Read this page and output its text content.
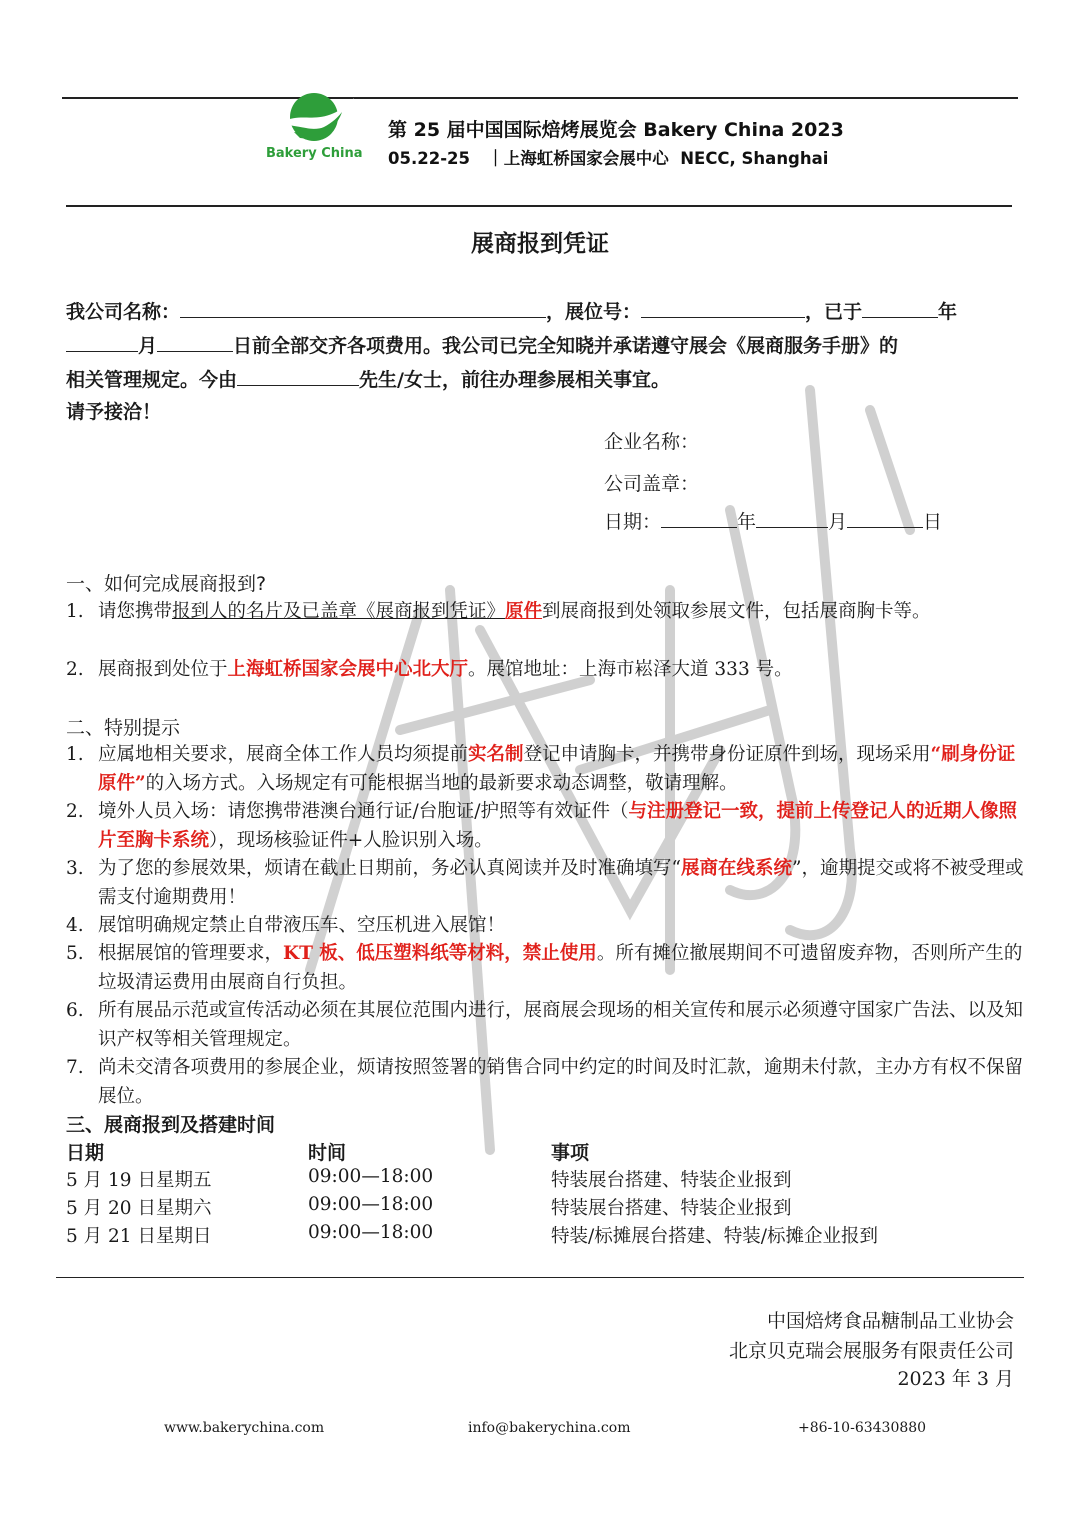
Bakery China
第 25 届中国国际焙烤展览会 Bakery China 2023
05.22-25   ｜上海虹桥国家会展中心  NECC, Shanghai
展商报到凭证
我公司名称：	，展位号：	，已于	年
月	日前全部交齐各项费用。我公司已完全知晓并承诺遵守展会《展商服务手册》的
相关管理规定。今由	先生/女士，前往办理参展相关事宜。
请予接洽！
企业名称：
公司盖章：
日期：	年	月	日
一、如何完成展商报到?
1. 请您携带报到人的名片及已盖章《展商报到凭证》原件到展商报到处领取参展文件，包括展商胸卡等。
2. 展商报到处位于上海虹桥国家会展中心北大厅。展馆地址：上海市崧泽大道 333 号。
二、特别提示
1. 应属地相关要求，展商全体工作人员均须提前实名制登记申请胸卡，并携带身份证原件到场，现场采用“刷身份证原件”的入场方式。入场规定有可能根据当地的最新要求动态调整，敬请理解。
2. 境外人员入场：请您携带港澳台通行证/台胞证/护照等有效证件（与注册登记一致，提前上传登记人的近期人像照片至胸卡系统），现场核验证件+人脸识别入场。
3. 为了您的参展效果，烦请在截止日期前，务必认真阅读并及时准确填写“展商在线系统”，逾期提交或将不被受理或需支付逾期费用！
4. 展馆明确规定禁止自带液压车、空压机进入展馆！
5. 根据展馆的管理要求，KT 板、低压塑料纸等材料，禁止使用。所有摊位撤展期间不可遗留废弃物，否则所产生的垃圾清运费用由展商自行负担。
6. 所有展品示范或宣传活动必须在其展位范围内进行，展商展会现场的相关宣传和展示必须遵守国家广告法、以及知识产权等相关管理规定。
7. 尚未交清各项费用的参展企业，烦请按照签署的销售合同中约定的时间及时汇款，逾期未付款，主办方有权不保留展位。
三、展商报到及搭建时间
日期	时间	事项
5 月 19 日星期五	09:00—18:00	特装展台搭建、特装企业报到
5 月 20 日星期六	09:00—18:00	特装展台搭建、特装企业报到
5 月 21 日星期日	09:00—18:00	特装/标摊展台搭建、特装/标摊企业报到
中国焙烤食品糖制品工业协会
北京贝克瑞会展服务有限责任公司
2023 年 3 月
www.bakerychina.com	info@bakerychina.com	+86-10-63430880
